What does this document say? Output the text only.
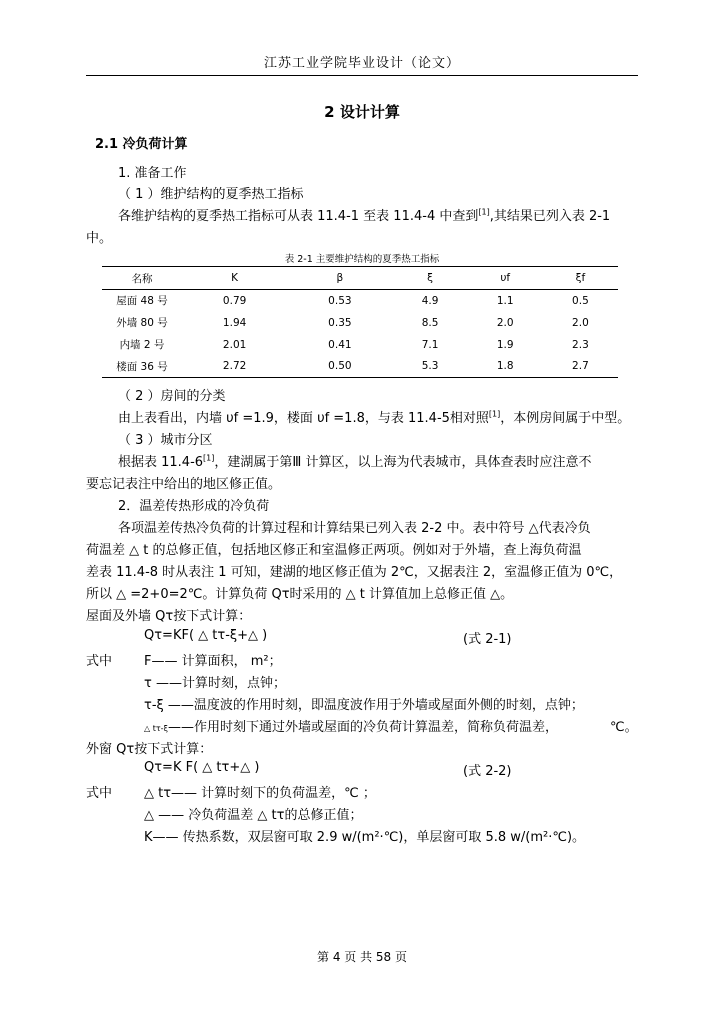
江苏工业学院毕业设计（论文）
2 设计计算
2.1 冷负荷计算
1. 准备工作
（ 1 ）维护结构的夏季热工指标
各维护结构的夏季热工指标可从表 11.4-1 至表 11.4-4 中查到[1],其结果已列入表 2-1
中。
表 2-1 主要维护结构的夏季热工指标
名称	K	β	ξ	υf	ξf
屋面 48 号	0.79	0.53	4.9	1.1	0.5
外墙 80 号	1.94	0.35	8.5	2.0	2.0
内墙 2 号	2.01	0.41	7.1	1.9	2.3
楼面 36 号	2.72	0.50	5.3	1.8	2.7
（ 2 ）房间的分类
由上表看出，内墙 υf =1.9，楼面 υf =1.8，与表 11.4-5相对照[1]，本例房间属于中型。
（ 3 ）城市分区
根据表 11.4-6[1]，建湖属于第Ⅲ 计算区，以上海为代表城市，具体查表时应注意不
要忘记表注中给出的地区修正值。
2．温差传热形成的冷负荷
各项温差传热冷负荷的计算过程和计算结果已列入表 2-2 中。表中符号 △代表冷负
荷温差 △ t 的总修正值，包括地区修正和室温修正两项。例如对于外墙，查上海负荷温
差表 11.4-8 时从表注 1 可知，建湖的地区修正值为 2℃，又据表注 2，室温修正值为 0℃，
所以 △ =2+0=2℃。计算负荷 Qτ时采用的 △ t 计算值加上总修正值 △。
屋面及外墙 Qτ按下式计算：
Qτ=KF( △ tτ-ξ+△ )	(式 2-1)
式中 F—— 计算面积， m²；
τ ——计算时刻，点钟；
τ-ξ ——温度波的作用时刻，即温度波作用于外墙或屋面外侧的时刻，点钟；
△ tτ-ξ——作用时刻下通过外墙或屋面的冷负荷计算温差，简称负荷温差，	℃。
外窗 Qτ按下式计算：
Qτ=K F( △ tτ+△ )	(式 2-2)
式中 △ tτ—— 计算时刻下的负荷温差，℃ ；
△ —— 冷负荷温差 △ tτ的总修正值；
K—— 传热系数，双层窗可取 2.9 w/(m²·℃)，单层窗可取 5.8 w/(m²·℃)。
第 4 页 共 58 页
